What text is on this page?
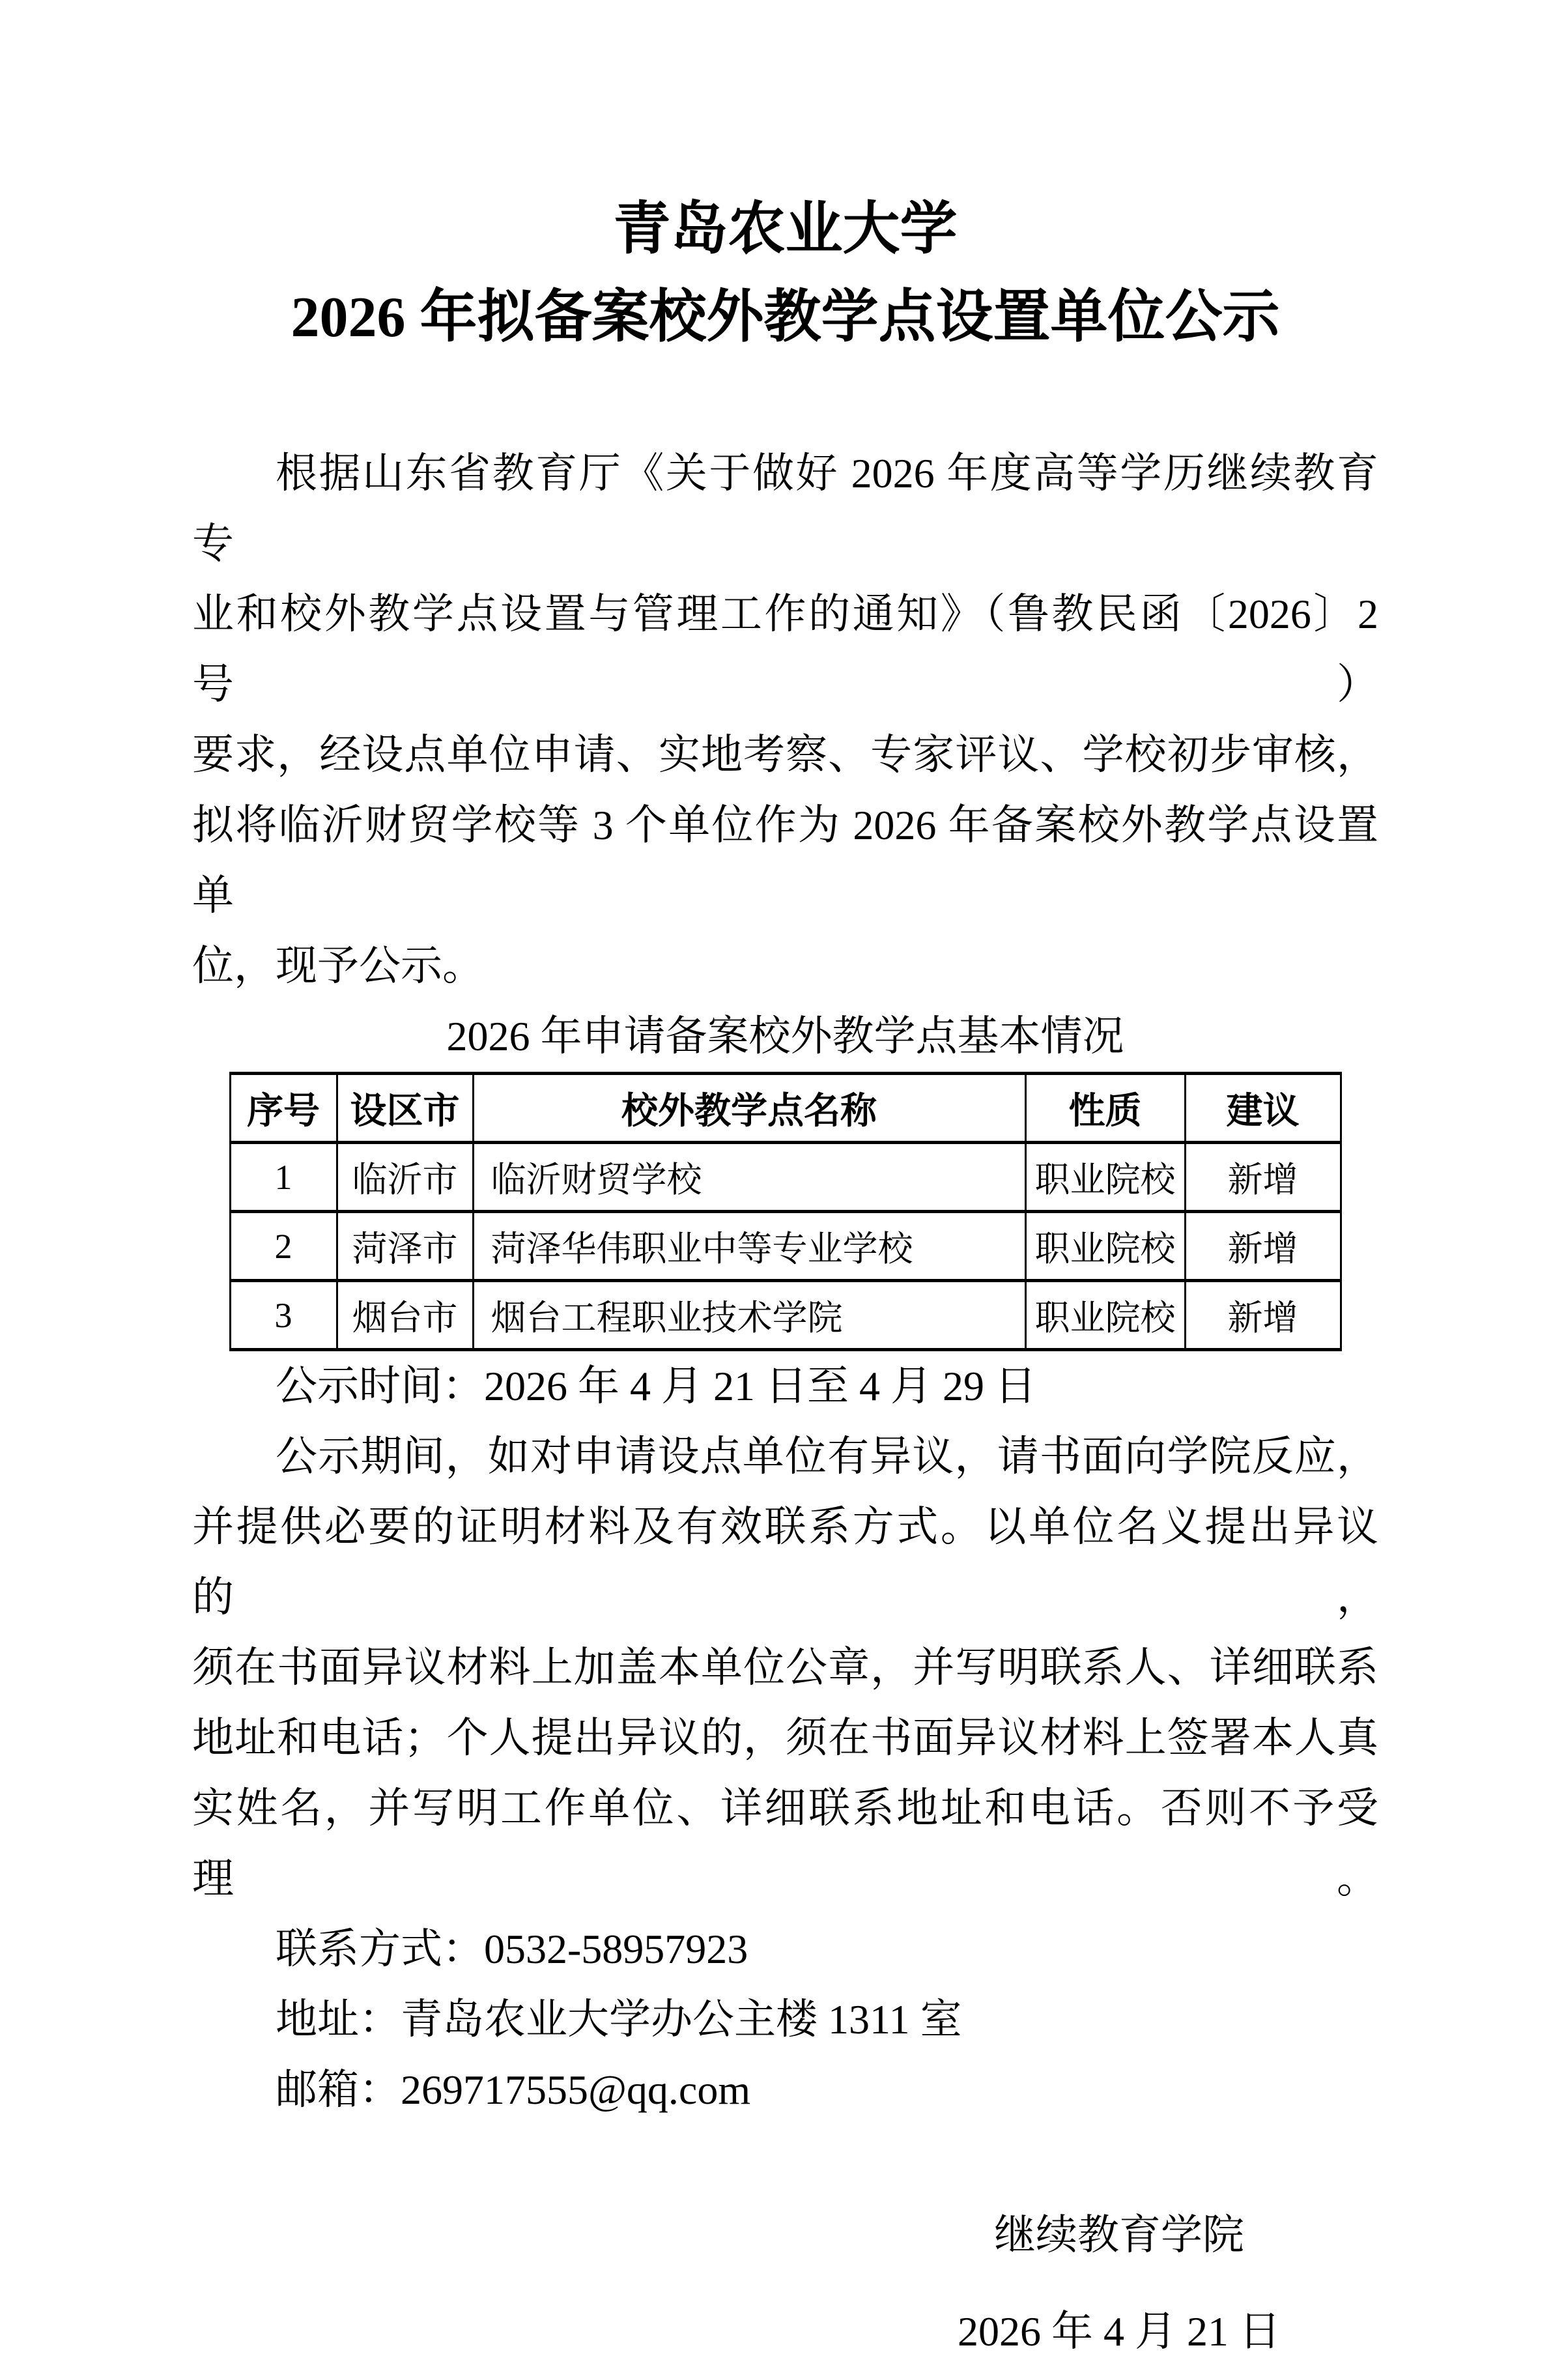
青岛农业大学
2026 年拟备案校外教学点设置单位公示
根据山东省教育厅《关于做好 2026 年度高等学历继续教育专
业和校外教学点设置与管理工作的通知》（鲁教民函〔2026〕2 号）
要求，经设点单位申请、实地考察、专家评议、学校初步审核，
拟将临沂财贸学校等 3 个单位作为 2026 年备案校外教学点设置单
位，现予公示。
2026 年申请备案校外教学点基本情况
序号	设区市	校外教学点名称	性质	建议
1	临沂市	临沂财贸学校	职业院校	新增
2	菏泽市	菏泽华伟职业中等专业学校	职业院校	新增
3	烟台市	烟台工程职业技术学院	职业院校	新增
公示时间：2026 年 4 月 21 日至 4 月 29 日
公示期间，如对申请设点单位有异议，请书面向学院反应，
并提供必要的证明材料及有效联系方式。以单位名义提出异议的，
须在书面异议材料上加盖本单位公章，并写明联系人、详细联系
地址和电话；个人提出异议的，须在书面异议材料上签署本人真
实姓名，并写明工作单位、详细联系地址和电话。否则不予受理。
联系方式：0532-58957923
地址：青岛农业大学办公主楼 1311 室
邮箱：269717555@qq.com
继续教育学院
2026 年 4 月 21 日
